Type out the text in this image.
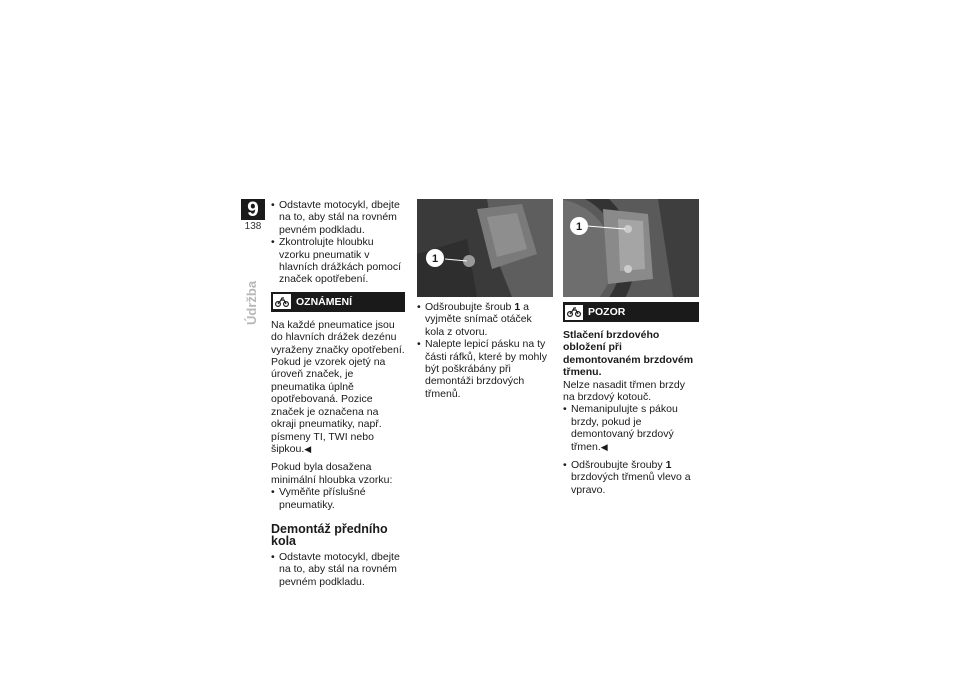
9
138
Údržba
• Odstavte motocykl, dbejte na to, aby stál na rovném pevném podkladu.
• Zkontrolujte hloubku vzorku pneumatik v hlavních drážkách pomocí značek opotřebení.
OZNÁMENÍ

Na každé pneumatice jsou do hlavních drážek dezénu vyraženy značky opotřebení. Pokud je vzorek ojetý na úroveň značek, je pneumatika úplně opotřebovaná. Pozice značek je označena na okraji pneumatiky, např. písmeny TI, TWI nebo šipkou.◀

Pokud byla dosažena minimální hloubka vzorku:

• Vyměňte příslušné pneumatiky.
Demontáž předního kola
• Odstavte motocykl, dbejte na to, aby stál na rovném pevném podkladu.
1
• Odšroubujte šroub 1 a vyjměte snímač otáček kola z otvoru.
• Nalepte lepicí pásku na ty části ráfků, které by mohly být poškrábány při demontáži brzdových třmenů.
1
POZOR

Stlačení brzdového obložení při demontovaném brzdovém třmenu.

Nelze nasadit třmen brzdy na brzdový kotouč.

• Nemanipulujte s pákou brzdy, pokud je demontovaný brzdový třmen.◀
• Odšroubujte šrouby 1 brzdových třmenů vlevo a vpravo.
